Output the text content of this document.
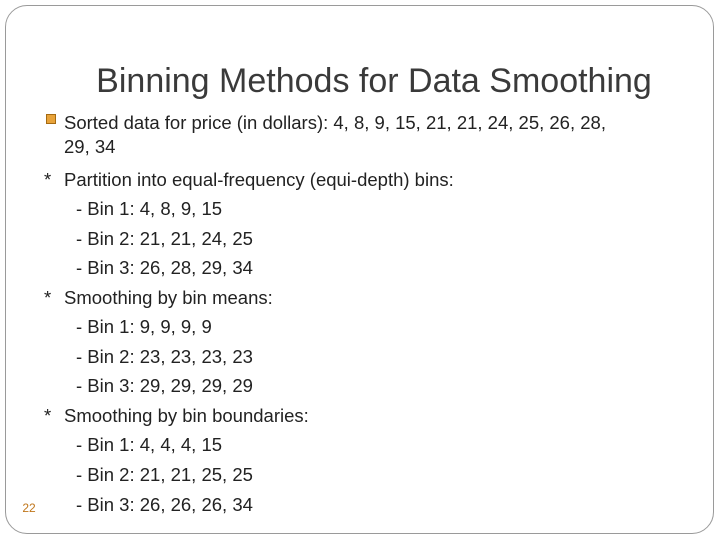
Binning Methods for Data Smoothing
Sorted data for price (in dollars): 4, 8, 9, 15, 21, 21, 24, 25, 26, 28,
29, 34
* Partition into equal-frequency (equi-depth) bins:
- Bin 1: 4, 8, 9, 15
- Bin 2: 21, 21, 24, 25
- Bin 3: 26, 28, 29, 34
* Smoothing by bin means:
- Bin 1: 9, 9, 9, 9
- Bin 2: 23, 23, 23, 23
- Bin 3: 29, 29, 29, 29
* Smoothing by bin boundaries:
- Bin 1: 4, 4, 4, 15
- Bin 2: 21, 21, 25, 25
- Bin 3: 26, 26, 26, 34
22
